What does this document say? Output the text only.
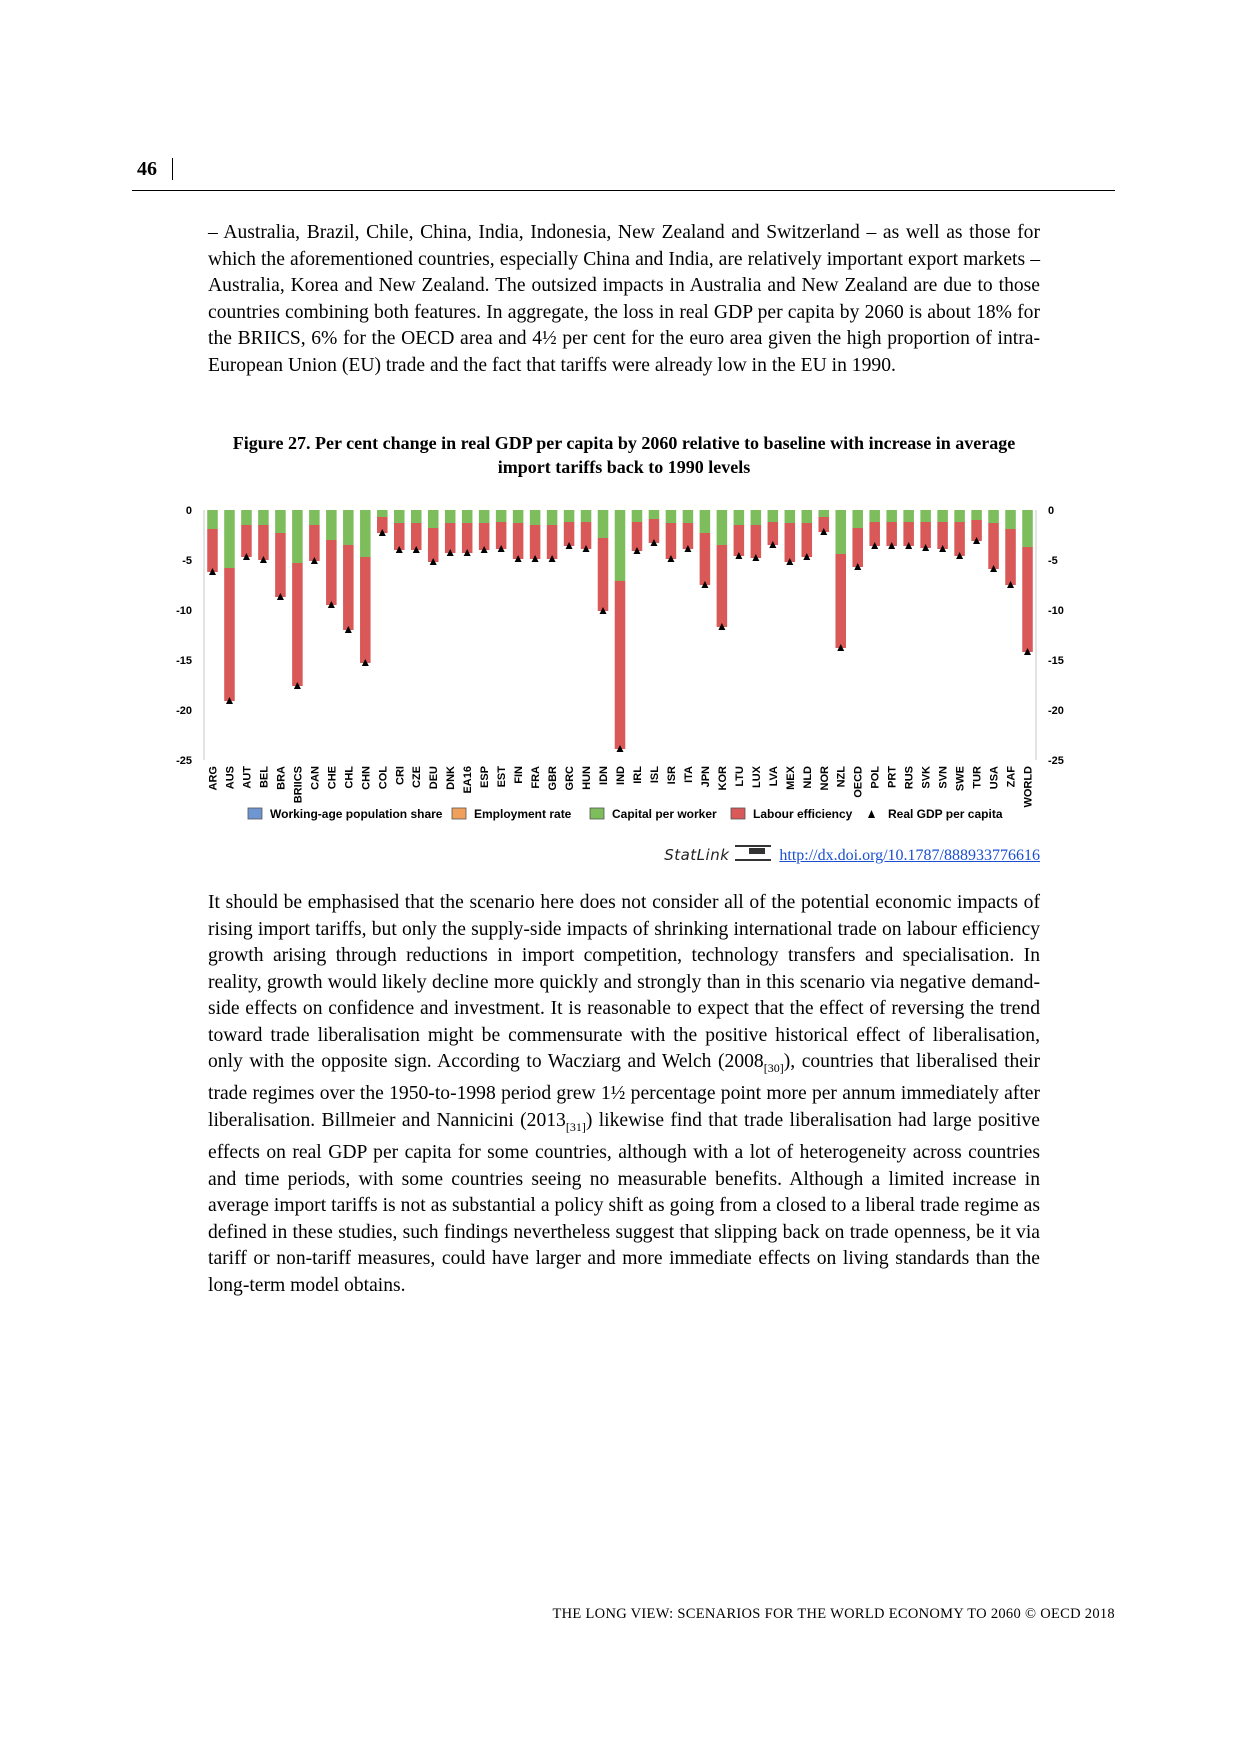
46

– Australia, Brazil, Chile, China, India, Indonesia, New Zealand and Switzerland – as well as those for which the aforementioned countries, especially China and India, are relatively important export markets – Australia, Korea and New Zealand. The outsized impacts in Australia and New Zealand are due to those countries combining both features. In aggregate, the loss in real GDP per capita by 2060 is about 18% for the BRIICS, 6% for the OECD area and 4½ per cent for the euro area given the high proportion of intra-European Union (EU) trade and the fact that tariffs were already low in the EU in 1990.

Figure 27. Per cent change in real GDP per capita by 2060 relative to baseline with increase in average import tariffs back to 1990 levels

0	0
-5	-5
-10	-10
-15	-15
-20	-20
-25	-25
ARG AUS AUT BEL BRA BRIICS CAN CHE CHL CHN COL CRI CZE DEU DNK EA16 ESP EST FIN FRA GBR GRC HUN IDN IND IRL ISL ISR ITA JPN KOR LTU LUX LVA MEX NLD NOR NZL OECD POL PRT RUS SVK SVN SWE TUR USA ZAF WORLD
Working-age population share	Employment rate	Capital per worker	Labour efficiency	Real GDP per capita
StatLink	http://dx.doi.org/10.1787/888933776616

It should be emphasised that the scenario here does not consider all of the potential economic impacts of rising import tariffs, but only the supply-side impacts of shrinking international trade on labour efficiency growth arising through reductions in import competition, technology transfers and specialisation. In reality, growth would likely decline more quickly and strongly than in this scenario via negative demand-side effects on confidence and investment. It is reasonable to expect that the effect of reversing the trend toward trade liberalisation might be commensurate with the positive historical effect of liberalisation, only with the opposite sign. According to Wacziarg and Welch $(2008_{[30]})$, countries that liberalised their trade regimes over the 1950-to-1998 period grew 1½ percentage point more per annum immediately after liberalisation. Billmeier and Nannicini $(2013_{[31]})$ likewise find that trade liberalisation had large positive effects on real GDP per capita for some countries, although with a lot of heterogeneity across countries and time periods, with some countries seeing no measurable benefits. Although a limited increase in average import tariffs is not as substantial a policy shift as going from a closed to a liberal trade regime as defined in these studies, such findings nevertheless suggest that slipping back on trade openness, be it via tariff or non-tariff measures, could have larger and more immediate effects on living standards than the long-term model obtains.

THE LONG VIEW: SCENARIOS FOR THE WORLD ECONOMY TO 2060 © OECD 2018
